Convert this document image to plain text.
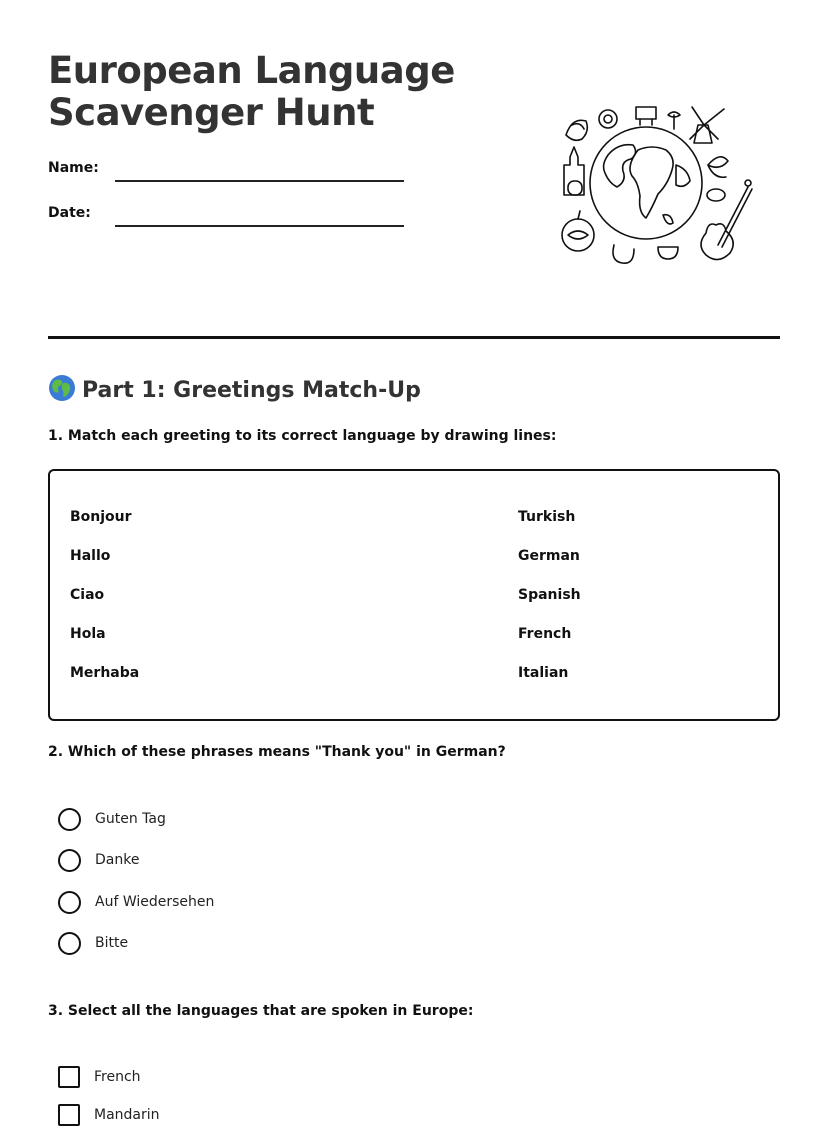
European Language
Scavenger Hunt
Name:
Date:
Part 1: Greetings Match-Up

1. Match each greeting to its correct language by drawing lines:

Bonjour
Hallo
Ciao
Hola
Merhaba
Turkish
German
Spanish
French
Italian

2. Which of these phrases means "Thank you" in German?

Guten Tag
Danke
Auf Wiedersehen
Bitte

3. Select all the languages that are spoken in Europe:

French
Mandarin
